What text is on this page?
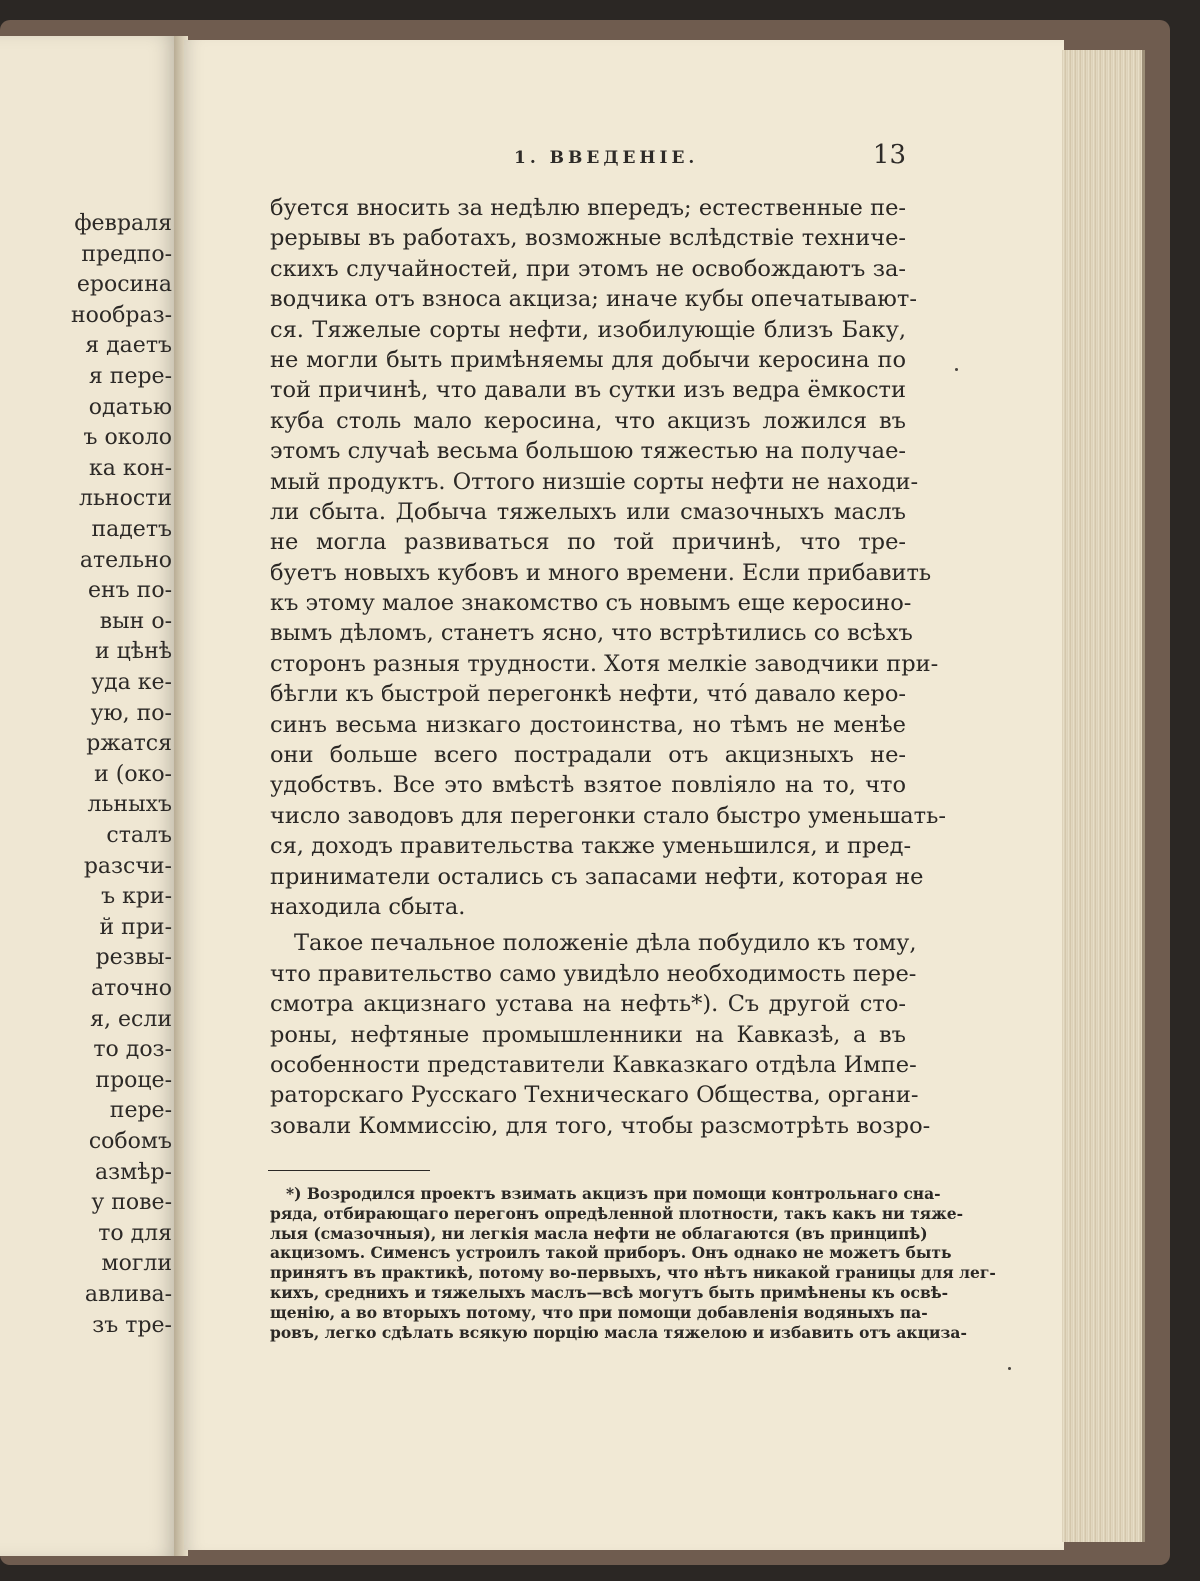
февраля
предпо-
еросина
нообраз-
я даетъ
я пере-
одатью
ъ около
ка кон-
льности
падетъ
ательно
енъ по-
вын о-
и цѣнѣ
уда ке-
ую, по-
ржатся
и (око-
льныхъ
сталъ
разсчи-
ъ кри-
й при-
резвы-
аточно
я, если
то доз-
проце-
пере-
собомъ
азмѣр-
у пове-
то для
могли
авлива-
зъ тре-
1. ВВЕДЕНІЕ.	13
буется вносить за недѣлю впередъ; естественные пе-
рерывы въ работахъ, возможные вслѣдствіе техниче-
скихъ случайностей, при этомъ не освобождаютъ за-
водчика отъ взноса акциза; иначе кубы опечатывают-
ся. Тяжелые сорты нефти, изобилующіе близъ Баку,
не могли быть примѣняемы для добычи керосина по
той причинѣ, что давали въ сутки изъ ведра ёмкости
куба столь мало керосина, что акцизъ ложился въ
этомъ случаѣ весьма большою тяжестью на получае-
мый продуктъ. Оттого низшіе сорты нефти не находи-
ли сбыта. Добыча тяжелыхъ или смазочныхъ маслъ
не могла развиваться по той причинѣ, что тре-
буетъ новыхъ кубовъ и много времени. Если прибавить
къ этому малое знакомство съ новымъ еще керосино-
вымъ дѣломъ, станетъ ясно, что встрѣтились со всѣхъ
сторонъ разныя трудности. Хотя мелкіе заводчики при-
бѣгли къ быстрой перегонкѣ нефти, чтó давало керо-
синъ весьма низкаго достоинства, но тѣмъ не менѣе
они больше всего пострадали отъ акцизныхъ не-
удобствъ. Все это вмѣстѣ взятое повліяло на то, что
число заводовъ для перегонки стало быстро уменьшать-
ся, доходъ правительства также уменьшился, и пред-
приниматели остались съ запасами нефти, которая не
находила сбыта.
Такое печальное положеніе дѣла побудило къ тому,
что правительство само увидѣло необходимость пере-
смотра акцизнаго устава на нефть*). Съ другой сто-
роны, нефтяные промышленники на Кавказѣ, а въ
особенности представители Кавказкаго отдѣла Импе-
раторскаго Русскаго Техническаго Общества, органи-
зовали Коммиссію, для того, чтобы разсмотрѣть возро-
*) Возродился проектъ взимать акцизъ при помощи контрольнаго сна-
ряда, отбирающаго перегонъ опредѣленной плотности, такъ какъ ни тяже-
лыя (смазочныя), ни легкія масла нефти не облагаются (въ принципѣ)
акцизомъ. Сименсъ устроилъ такой приборъ. Онъ однако не можетъ быть
принятъ въ практикѣ, потому во-первыхъ, что нѣтъ никакой границы для лег-
кихъ, среднихъ и тяжелыхъ маслъ—всѣ могутъ быть примѣнены къ освѣ-
щенію, а во вторыхъ потому, что при помощи добавленія водяныхъ па-
ровъ, легко сдѣлать всякую порцію масла тяжелою и избавить отъ акциза-
